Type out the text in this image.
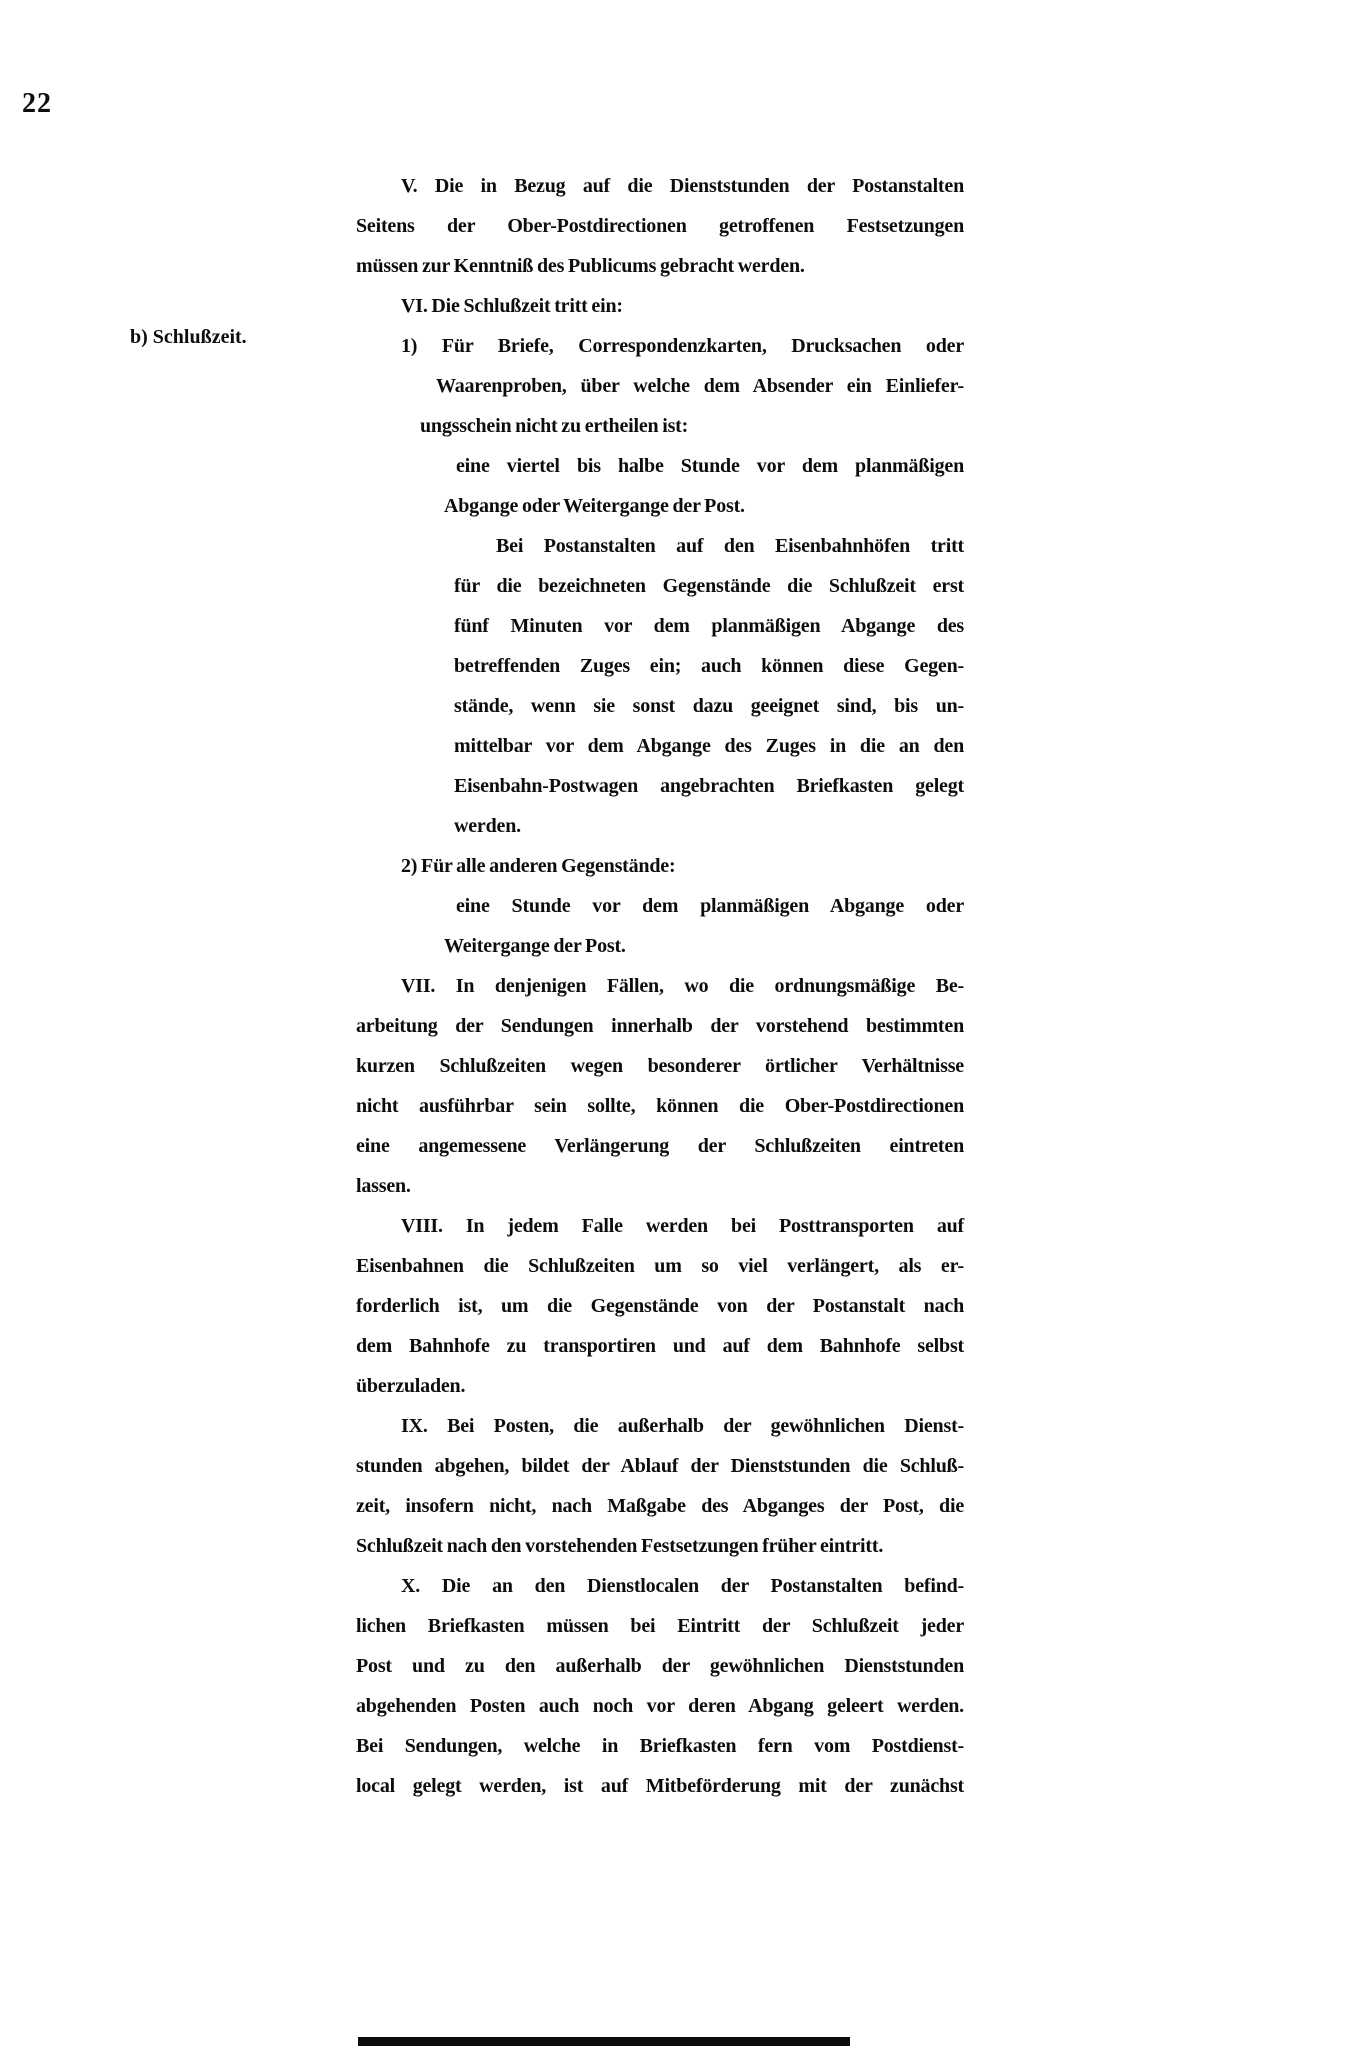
22
b) Schlußzeit.
V. Die in Bezug auf die Dienststunden der Postanstalten
Seitens der Ober-Postdirectionen getroffenen Festsetzungen
müssen zur Kenntniß des Publicums gebracht werden.
VI. Die Schlußzeit tritt ein:
1) Für Briefe, Correspondenzkarten, Drucksachen oder
Waarenproben, über welche dem Absender ein Einliefer-
ungsschein nicht zu ertheilen ist:
eine viertel bis halbe Stunde vor dem planmäßigen
Abgange oder Weitergange der Post.
Bei Postanstalten auf den Eisenbahnhöfen tritt
für die bezeichneten Gegenstände die Schlußzeit erst
fünf Minuten vor dem planmäßigen Abgange des
betreffenden Zuges ein; auch können diese Gegen-
stände, wenn sie sonst dazu geeignet sind, bis un-
mittelbar vor dem Abgange des Zuges in die an den
Eisenbahn-Postwagen angebrachten Briefkasten gelegt
werden.
2) Für alle anderen Gegenstände:
eine Stunde vor dem planmäßigen Abgange oder
Weitergange der Post.
VII. In denjenigen Fällen, wo die ordnungsmäßige Be-
arbeitung der Sendungen innerhalb der vorstehend bestimmten
kurzen Schlußzeiten wegen besonderer örtlicher Verhältnisse
nicht ausführbar sein sollte, können die Ober-Postdirectionen
eine angemessene Verlängerung der Schlußzeiten eintreten
lassen.
VIII. In jedem Falle werden bei Posttransporten auf
Eisenbahnen die Schlußzeiten um so viel verlängert, als er-
forderlich ist, um die Gegenstände von der Postanstalt nach
dem Bahnhofe zu transportiren und auf dem Bahnhofe selbst
überzuladen.
IX. Bei Posten, die außerhalb der gewöhnlichen Dienst-
stunden abgehen, bildet der Ablauf der Dienststunden die Schluß-
zeit, insofern nicht, nach Maßgabe des Abganges der Post, die
Schlußzeit nach den vorstehenden Festsetzungen früher eintritt.
X. Die an den Dienstlocalen der Postanstalten befind-
lichen Briefkasten müssen bei Eintritt der Schlußzeit jeder
Post und zu den außerhalb der gewöhnlichen Dienststunden
abgehenden Posten auch noch vor deren Abgang geleert werden.
Bei Sendungen, welche in Briefkasten fern vom Postdienst-
local gelegt werden, ist auf Mitbeförderung mit der zunächst
